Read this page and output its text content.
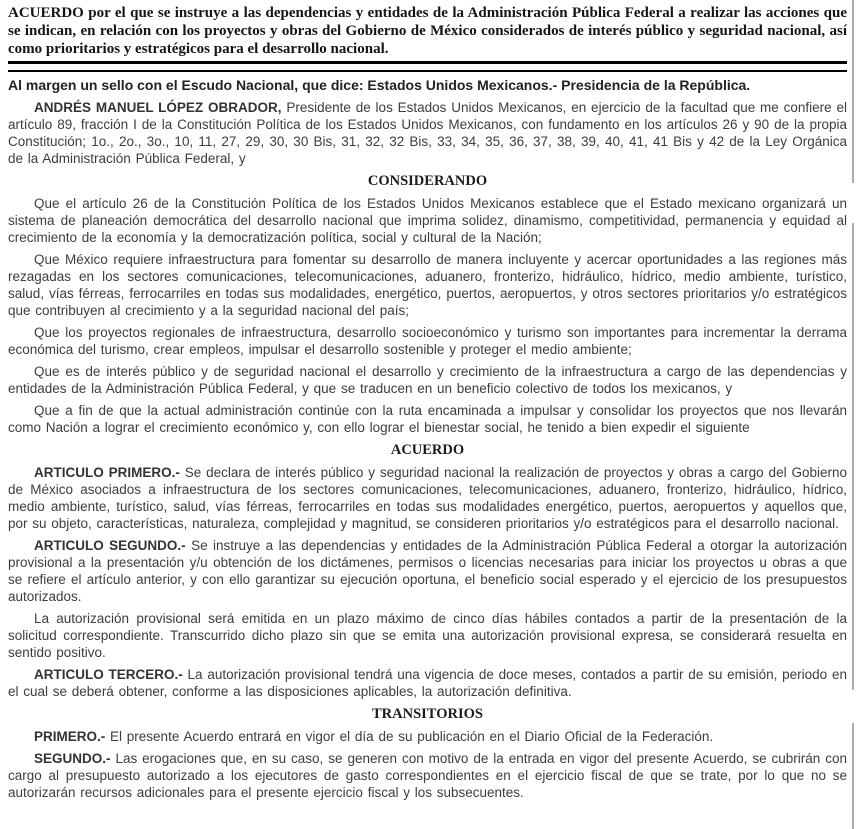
ACUERDO por el que se instruye a las dependencias y entidades de la Administración Pública Federal a realizar las acciones que se indican, en relación con los proyectos y obras del Gobierno de México considerados de interés público y seguridad nacional, así como prioritarios y estratégicos para el desarrollo nacional.

Al margen un sello con el Escudo Nacional, que dice: Estados Unidos Mexicanos.- Presidencia de la República.

ANDRÉS MANUEL LÓPEZ OBRADOR, Presidente de los Estados Unidos Mexicanos, en ejercicio de la facultad que me confiere el artículo 89, fracción I de la Constitución Política de los Estados Unidos Mexicanos, con fundamento en los artículos 26 y 90 de la propia Constitución; 1o., 2o., 3o., 10, 11, 27, 29, 30, 30 Bis, 31, 32, 32 Bis, 33, 34, 35, 36, 37, 38, 39, 40, 41, 41 Bis y 42 de la Ley Orgánica de la Administración Pública Federal, y

CONSIDERANDO

Que el artículo 26 de la Constitución Política de los Estados Unidos Mexicanos establece que el Estado mexicano organizará un sistema de planeación democrática del desarrollo nacional que imprima solidez, dinamismo, competitividad, permanencia y equidad al crecimiento de la economía y la democratización política, social y cultural de la Nación;

Que México requiere infraestructura para fomentar su desarrollo de manera incluyente y acercar oportunidades a las regiones más rezagadas en los sectores comunicaciones, telecomunicaciones, aduanero, fronterizo, hidráulico, hídrico, medio ambiente, turístico, salud, vías férreas, ferrocarriles en todas sus modalidades, energético, puertos, aeropuertos, y otros sectores prioritarios y/o estratégicos que contribuyen al crecimiento y a la seguridad nacional del país;

Que los proyectos regionales de infraestructura, desarrollo socioeconómico y turismo son importantes para incrementar la derrama económica del turismo, crear empleos, impulsar el desarrollo sostenible y proteger el medio ambiente;

Que es de interés público y de seguridad nacional el desarrollo y crecimiento de la infraestructura a cargo de las dependencias y entidades de la Administración Pública Federal, y que se traducen en un beneficio colectivo de todos los mexicanos, y

Que a fin de que la actual administración continúe con la ruta encaminada a impulsar y consolidar los proyectos que nos llevarán como Nación a lograr el crecimiento económico y, con ello lograr el bienestar social, he tenido a bien expedir el siguiente

ACUERDO

ARTICULO PRIMERO.- Se declara de interés público y seguridad nacional la realización de proyectos y obras a cargo del Gobierno de México asociados a infraestructura de los sectores comunicaciones, telecomunicaciones, aduanero, fronterizo, hidráulico, hídrico, medio ambiente, turístico, salud, vías férreas, ferrocarriles en todas sus modalidades energético, puertos, aeropuertos y aquellos que, por su objeto, características, naturaleza, complejidad y magnitud, se consideren prioritarios y/o estratégicos para el desarrollo nacional.

ARTICULO SEGUNDO.- Se instruye a las dependencias y entidades de la Administración Pública Federal a otorgar la autorización provisional a la presentación y/u obtención de los dictámenes, permisos o licencias necesarias para iniciar los proyectos u obras a que se refiere el artículo anterior, y con ello garantizar su ejecución oportuna, el beneficio social esperado y el ejercicio de los presupuestos autorizados.

La autorización provisional será emitida en un plazo máximo de cinco días hábiles contados a partir de la presentación de la solicitud correspondiente. Transcurrido dicho plazo sin que se emita una autorización provisional expresa, se considerará resuelta en sentido positivo.

ARTICULO TERCERO.- La autorización provisional tendrá una vigencia de doce meses, contados a partir de su emisión, periodo en el cual se deberá obtener, conforme a las disposiciones aplicables, la autorización definitiva.

TRANSITORIOS

PRIMERO.- El presente Acuerdo entrará en vigor el día de su publicación en el Diario Oficial de la Federación.

SEGUNDO.- Las erogaciones que, en su caso, se generen con motivo de la entrada en vigor del presente Acuerdo, se cubrirán con cargo al presupuesto autorizado a los ejecutores de gasto correspondientes en el ejercicio fiscal de que se trate, por lo que no se autorizarán recursos adicionales para el presente ejercicio fiscal y los subsecuentes.
